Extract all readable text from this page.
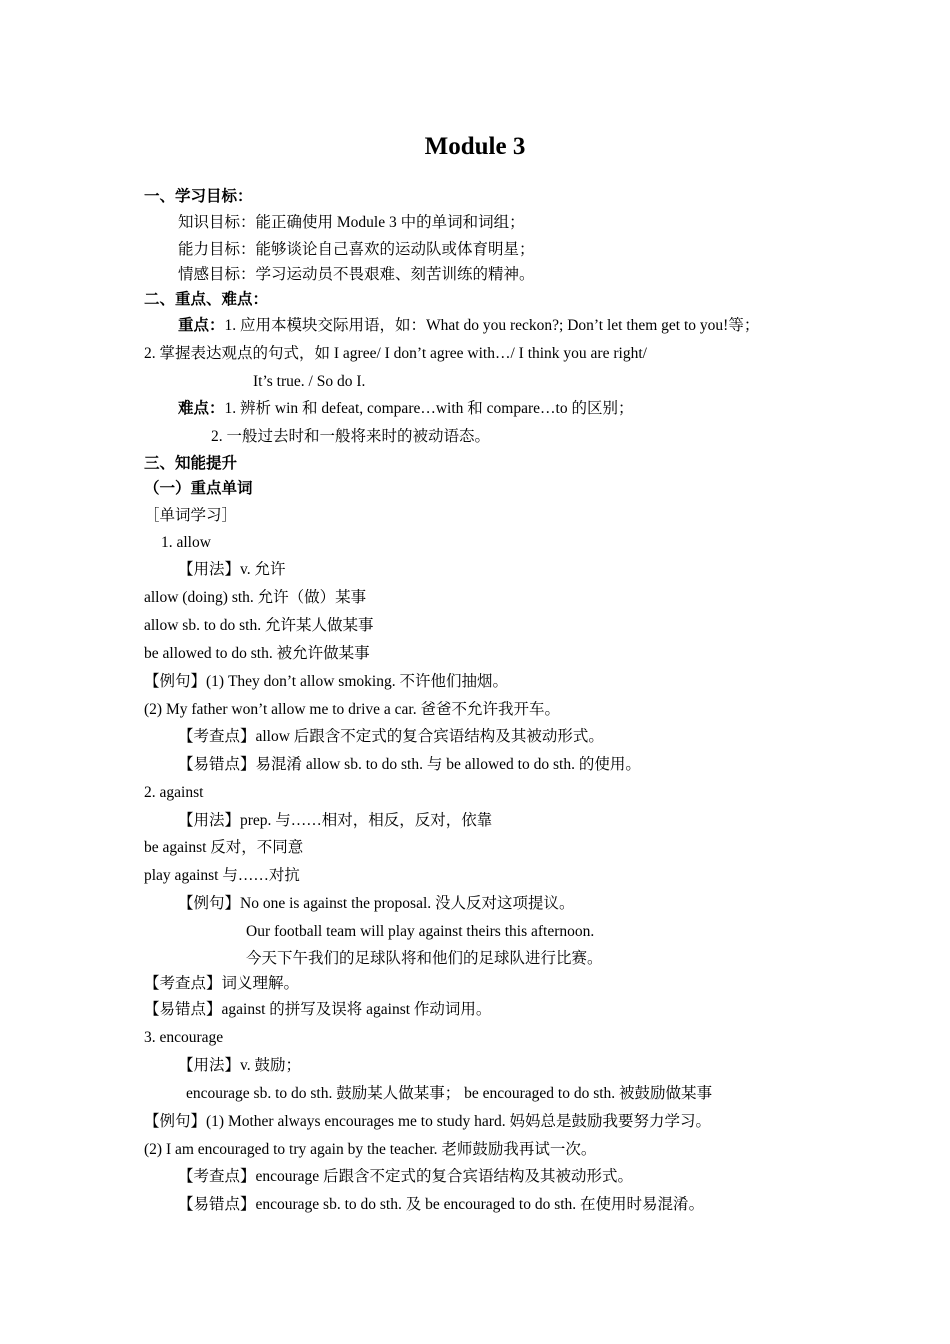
Module 3
一、学习目标：
知识目标：能正确使用 Module 3 中的单词和词组；
能力目标：能够谈论自己喜欢的运动队或体育明星；
情感目标：学习运动员不畏艰难、刻苦训练的精神。
二、重点、难点：
重点：1. 应用本模块交际用语，如：What do you reckon?; Don’t let them get to you!等；
2. 掌握表达观点的句式，如 I agree/ I don’t agree with…/ I think you are right/
It’s true. / So do I.
难点：1. 辨析 win 和 defeat, compare…with 和 compare…to 的区别；
2. 一般过去时和一般将来时的被动语态。
三、知能提升
（一）重点单词
［单词学习］
1. allow
【用法】v. 允许
allow (doing) sth. 允许（做）某事
allow sb. to do sth. 允许某人做某事
be allowed to do sth. 被允许做某事
【例句】(1) They don’t allow smoking. 不许他们抽烟。
(2) My father won’t allow me to drive a car. 爸爸不允许我开车。
【考查点】allow 后跟含不定式的复合宾语结构及其被动形式。
【易错点】易混淆 allow sb. to do sth. 与 be allowed to do sth. 的使用。
2. against
【用法】prep. 与……相对，相反，反对，依靠
be against 反对，不同意
play against 与……对抗
【例句】No one is against the proposal. 没人反对这项提议。
Our football team will play against theirs this afternoon.
今天下午我们的足球队将和他们的足球队进行比赛。
【考查点】词义理解。
【易错点】against 的拼写及误将 against 作动词用。
3. encourage
【用法】v. 鼓励；
encourage sb. to do sth. 鼓励某人做某事； be encouraged to do sth. 被鼓励做某事
【例句】(1) Mother always encourages me to study hard. 妈妈总是鼓励我要努力学习。
(2) I am encouraged to try again by the teacher. 老师鼓励我再试一次。
【考查点】encourage 后跟含不定式的复合宾语结构及其被动形式。
【易错点】encourage sb. to do sth. 及 be encouraged to do sth. 在使用时易混淆。
